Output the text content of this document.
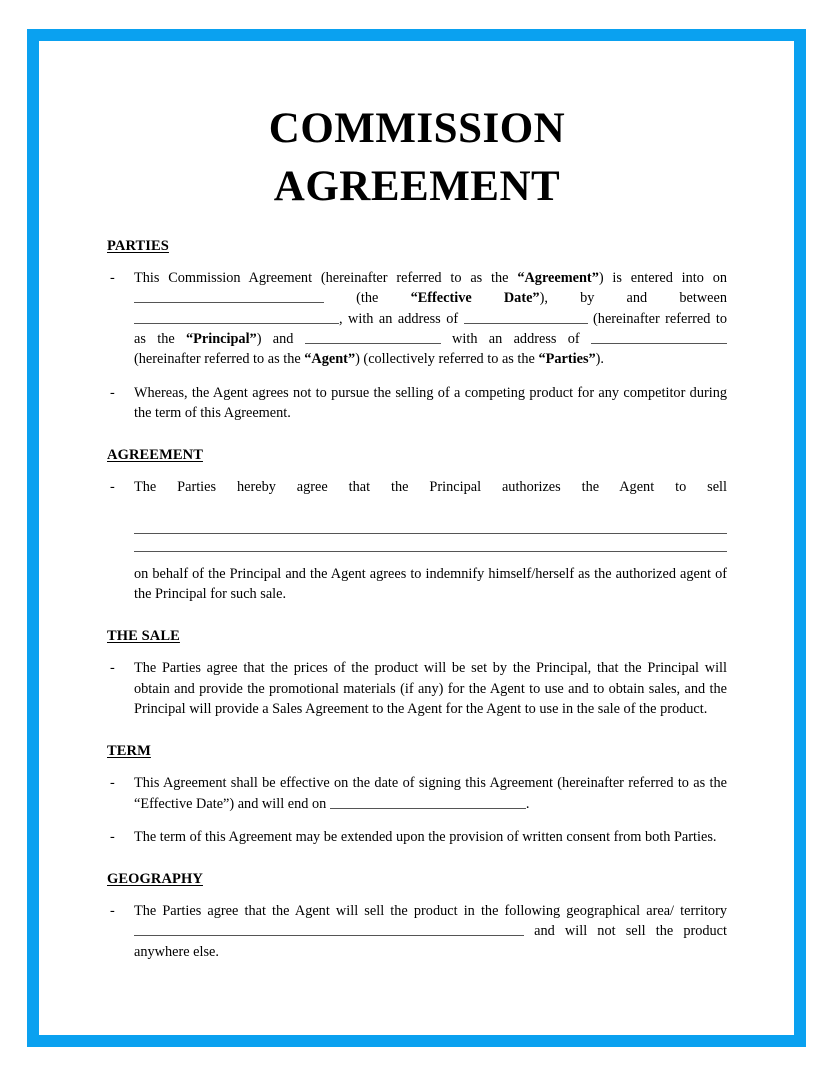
COMMISSION
AGREEMENT
PARTIES
- This Commission Agreement (hereinafter referred to as the “Agreement”) is entered into on  (the “Effective Date”), by and between , with an address of	(hereinafter referred to as the “Principal”) and	with an address of  (hereinafter referred to as the “Agent”) (collectively referred to as the “Parties”).
- Whereas, the Agent agrees not to pursue the selling of a competing product for any competitor during the term of this Agreement.
AGREEMENT
- The Parties hereby agree that the Principal authorizes the Agent to sell
on behalf of the Principal and the Agent agrees to indemnify himself/herself as the authorized agent of the Principal for such sale.
THE SALE
- The Parties agree that the prices of the product will be set by the Principal, that the Principal will obtain and provide the promotional materials (if any) for the Agent to use and to obtain sales, and the Principal will provide a Sales Agreement to the Agent for the Agent to use in the sale of the product.
TERM
- This Agreement shall be effective on the date of signing this Agreement (hereinafter referred to as the “Effective Date”) and will end on	.
- The term of this Agreement may be extended upon the provision of written consent from both Parties.
GEOGRAPHY
- The Parties agree that the Agent will sell the product in the following geographical area/ territory  and will not sell the product anywhere else.
